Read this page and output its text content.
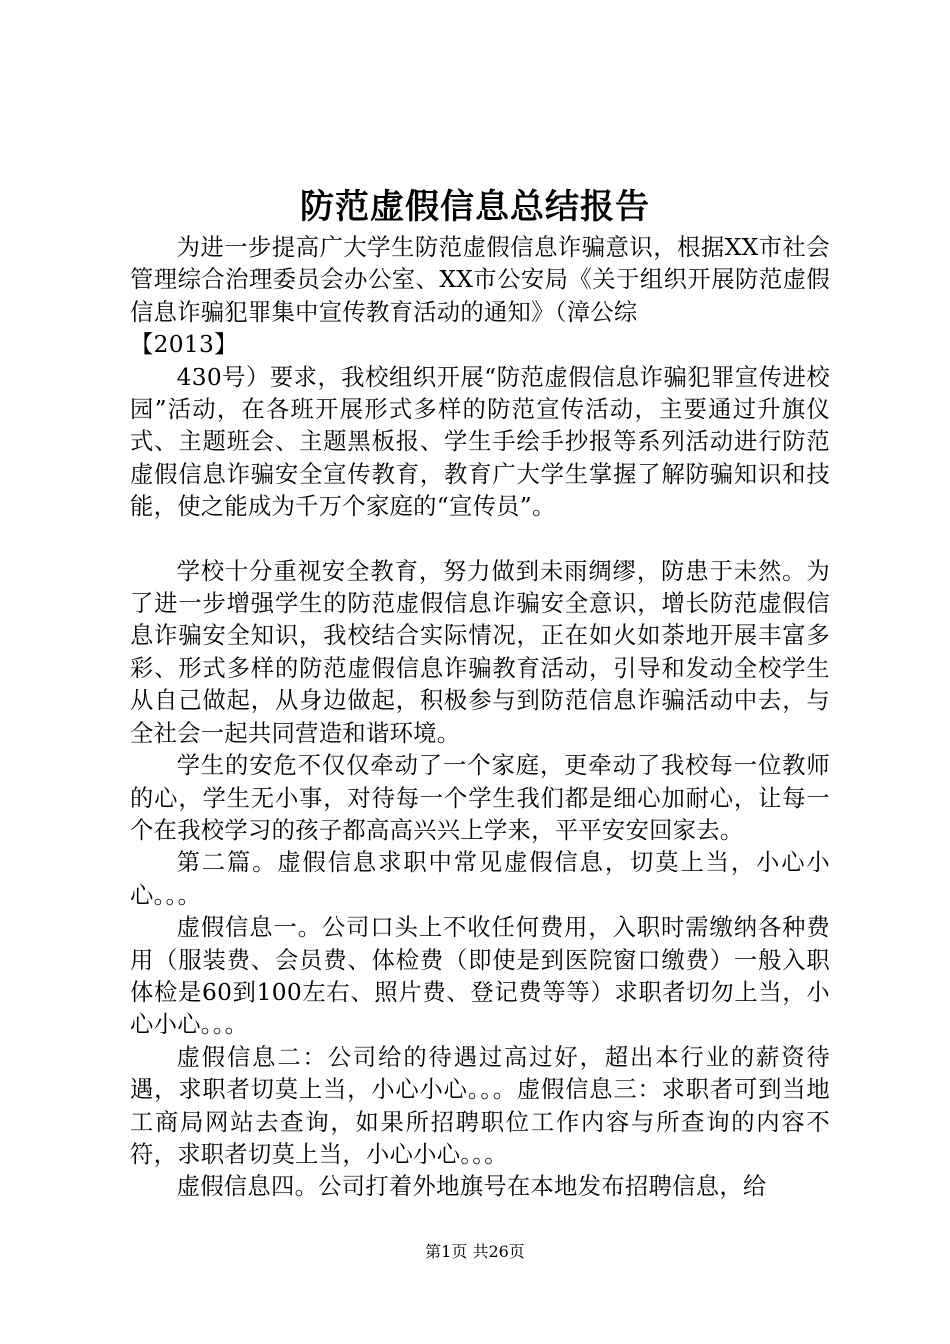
防范虚假信息总结报告

为进一步提高广大学生防范虚假信息诈骗意识，根据XX市社会管理综合治理委员会办公室、XX市公安局《关于组织开展防范虚假信息诈骗犯罪集中宣传教育活动的通知》（漳公综

【2013】

430号）要求，我校组织开展“防范虚假信息诈骗犯罪宣传进校园”活动，在各班开展形式多样的防范宣传活动，主要通过升旗仪式、主题班会、主题黑板报、学生手绘手抄报等系列活动进行防范虚假信息诈骗安全宣传教育，教育广大学生掌握了解防骗知识和技能，使之能成为千万个家庭的“宣传员”。

学校十分重视安全教育，努力做到未雨绸缪，防患于未然。为了进一步增强学生的防范虚假信息诈骗安全意识，增长防范虚假信息诈骗安全知识，我校结合实际情况，正在如火如荼地开展丰富多彩、形式多样的防范虚假信息诈骗教育活动，引导和发动全校学生从自己做起，从身边做起，积极参与到防范信息诈骗活动中去，与全社会一起共同营造和谐环境。

学生的安危不仅仅牵动了一个家庭，更牵动了我校每一位教师的心，学生无小事，对待每一个学生我们都是细心加耐心，让每一个在我校学习的孩子都高高兴兴上学来，平平安安回家去。

第二篇。虚假信息求职中常见虚假信息，切莫上当，小心小心。。。

虚假信息一。公司口头上不收任何费用，入职时需缴纳各种费用（服装费、会员费、体检费（即使是到医院窗口缴费）一般入职体检是60到100左右、照片费、登记费等等）求职者切勿上当，小心小心。。。

虚假信息二：公司给的待遇过高过好，超出本行业的薪资待遇，求职者切莫上当，小心小心。。。虚假信息三：求职者可到当地工商局网站去查询，如果所招聘职位工作内容与所查询的内容不符，求职者切莫上当，小心小心。。。

虚假信息四。公司打着外地旗号在本地发布招聘信息，给

第1页 共26页
